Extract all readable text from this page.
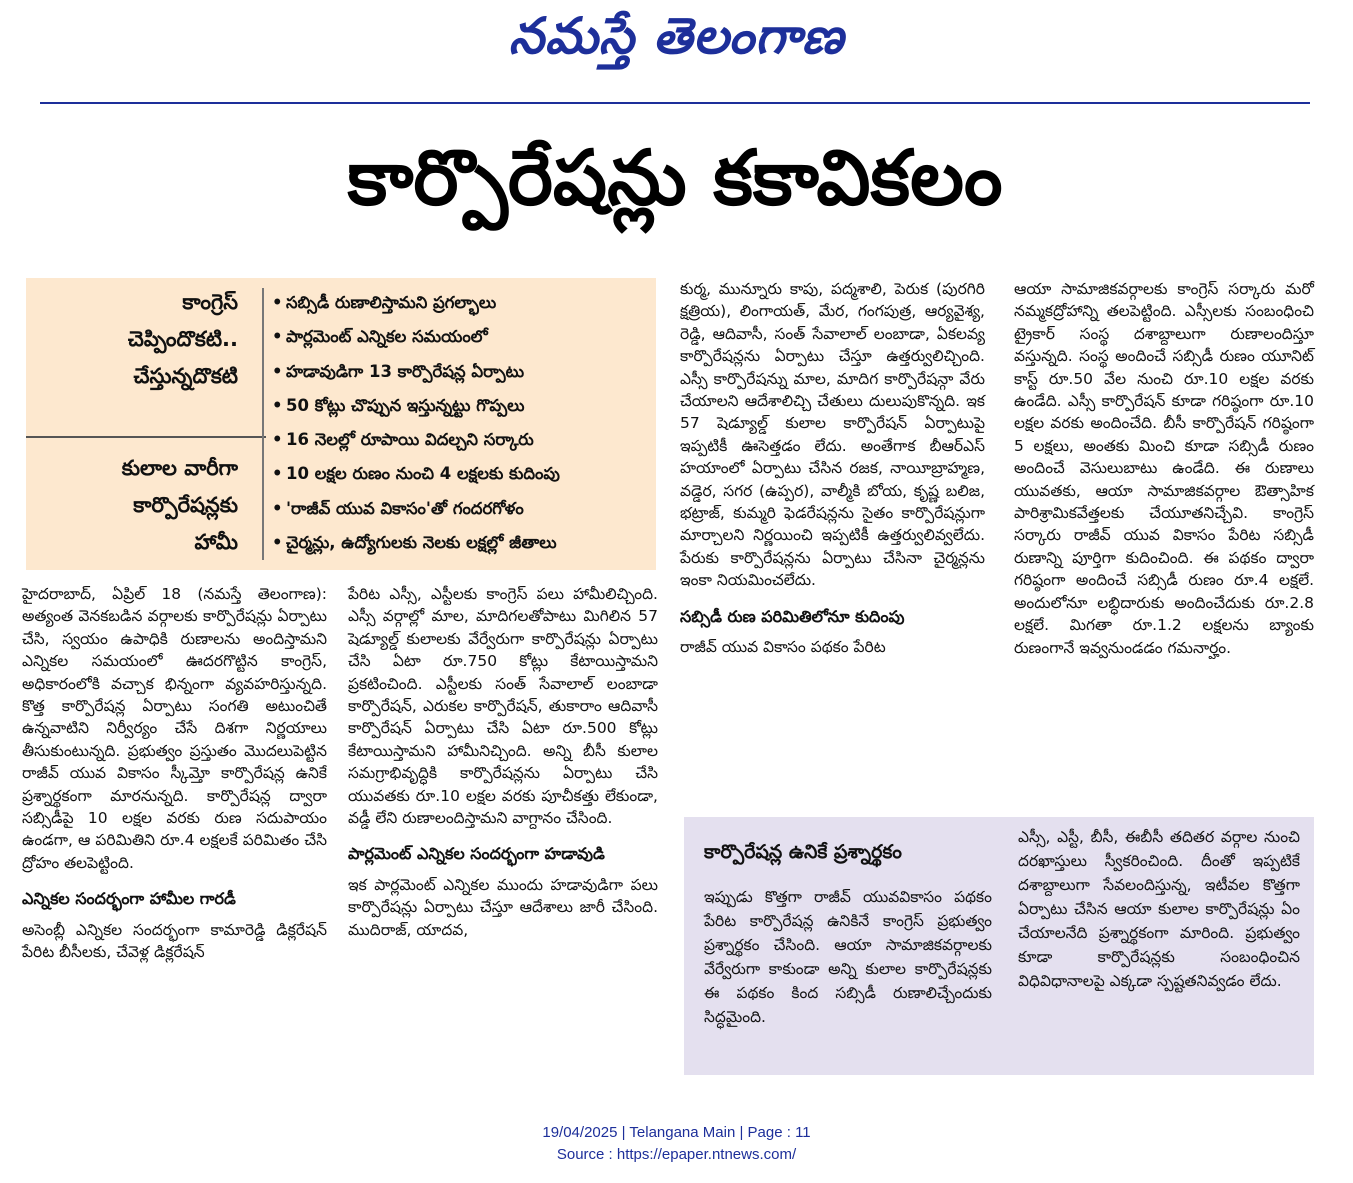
నమస్తే తెలంగాణ
కార్పొరేషన్లు కకావికలం
కాంగ్రెస్
చెప్పిందొకటి..
చేస్తున్నదొకటి
కులాల వారీగా
కార్పొరేషన్లకు
హామీ
• సబ్సిడీ రుణాలిస్తామని ప్రగల్భాలు
• పార్లమెంట్ ఎన్నికల సమయంలో
• హడావుడిగా 13 కార్పొరేషన్ల ఏర్పాటు
• 50 కోట్లు చొప్పున ఇస్తున్నట్టు గొప్పలు
• 16 నెలల్లో రూపాయి విదల్చని సర్కారు
• 10 లక్షల రుణం నుంచి 4 లక్షలకు కుదింపు
• 'రాజీవ్ యువ వికాసం'తో గందరగోళం
• చైర్మన్లు, ఉద్యోగులకు నెలకు లక్షల్లో జీతాలు

హైదరాబాద్, ఏప్రిల్ 18 (నమస్తే తెలంగాణ): అత్యంత వెనకబడిన వర్గాలకు కార్పొరేషన్లు ఏర్పాటు చేసి, స్వయం ఉపాధికి రుణాలను అందిస్తామని ఎన్నికల సమయంలో ఊదరగొట్టిన కాంగ్రెస్, అధికారంలోకి వచ్చాక భిన్నంగా వ్యవహరిస్తున్నది. కొత్త కార్పొరేషన్ల ఏర్పాటు సంగతి అటుంచితే ఉన్నవాటిని నిర్వీర్యం చేసే దిశగా నిర్ణయాలు తీసుకుంటున్నది. ప్రభుత్వం ప్రస్తుతం మొదలుపెట్టిన రాజీవ్ యువ వికాసం స్కీమ్తో కార్పొరేషన్ల ఉనికే ప్రశ్నార్థకంగా మారనున్నది. కార్పొరేషన్ల ద్వారా సబ్సిడీపై 10 లక్షల వరకు రుణ సదుపాయం ఉండగా, ఆ పరిమితిని రూ.4 లక్షలకే పరిమితం చేసి ద్రోహం తలపెట్టింది.

ఎన్నికల సందర్భంగా హామీల గారడీ

అసెంబ్లీ ఎన్నికల సందర్భంగా కామారెడ్డి డిక్లరేషన్ పేరిట బీసీలకు, చేవెళ్ల డిక్లరేషన్

పేరిట ఎస్సీ, ఎస్టీలకు కాంగ్రెస్ పలు హామీలిచ్చింది. ఎస్సీ వర్గాల్లో మాల, మాదిగలతోపాటు మిగిలిన 57 షెడ్యూల్డ్ కులాలకు వేర్వేరుగా కార్పొరేషన్లు ఏర్పాటు చేసి ఏటా రూ.750 కోట్లు కేటాయిస్తామని ప్రకటించింది. ఎస్టీలకు సంత్ సేవాలాల్ లంబాడా కార్పొరేషన్, ఎరుకల కార్పొరేషన్, తుకారాం ఆదివాసీ కార్పొరేషన్ ఏర్పాటు చేసి ఏటా రూ.500 కోట్లు కేటాయిస్తామని హామీనిచ్చింది. అన్ని బీసీ కులాల సమగ్రాభివృద్ధికి కార్పొరేషన్లను ఏర్పాటు చేసి యువతకు రూ.10 లక్షల వరకు పూచీకత్తు లేకుండా, వడ్డీ లేని రుణాలందిస్తామని వాగ్దానం చేసింది.

పార్లమెంట్ ఎన్నికల సందర్భంగా హడావుడి

ఇక పార్లమెంట్ ఎన్నికల ముందు హడావుడిగా పలు కార్పొరేషన్లు ఏర్పాటు చేస్తూ ఆదేశాలు జారీ చేసింది. ముదిరాజ్, యాదవ,

కుర్మ, మున్నూరు కాపు, పద్మశాలి, పెరుక (పురగిరి క్షత్రియ), లింగాయత్, మేర, గంగపుత్ర, ఆర్యవైశ్య, రెడ్డి, ఆదివాసీ, సంత్ సేవాలాల్ లంబాడా, ఏకలవ్య కార్పొరేషన్లను ఏర్పాటు చేస్తూ ఉత్తర్వులిచ్చింది. ఎస్సీ కార్పొరేషన్ను మాల, మాదిగ కార్పొరేషన్గా వేరు చేయాలని ఆదేశాలిచ్చి చేతులు దులుపుకొన్నది. ఇక 57 షెడ్యూల్డ్ కులాల కార్పొరేషన్ ఏర్పాటుపై ఇప్పటికీ ఊసెత్తడం లేదు. అంతేగాక బీఆర్ఎస్ హయాంలో ఏర్పాటు చేసిన రజక, నాయీబ్రాహ్మణ, వడ్డెర, సగర (ఉప్పర), వాల్మీకి బోయ, కృష్ణ బలిజ, భట్రాజ్, కుమ్మరి ఫెడరేషన్లను సైతం కార్పొరేషన్లుగా మార్చాలని నిర్ణయించి ఇప్పటికీ ఉత్తర్వులివ్వలేదు. పేరుకు కార్పొరేషన్లను ఏర్పాటు చేసినా చైర్మన్లను ఇంకా నియమించలేదు.

సబ్సిడీ రుణ పరిమితిలోనూ కుదింపు

రాజీవ్ యువ వికాసం పథకం పేరిట

ఆయా సామాజికవర్గాలకు కాంగ్రెస్ సర్కారు మరో నమ్మకద్రోహాన్ని తలపెట్టింది. ఎస్సీలకు సంబంధించి ట్రైకార్ సంస్థ దశాబ్దాలుగా రుణాలందిస్తూ వస్తున్నది. సంస్థ అందించే సబ్సిడీ రుణం యూనిట్ కాస్ట్ రూ.50 వేల నుంచి రూ.10 లక్షల వరకు ఉండేది. ఎస్సీ కార్పొరేషన్ కూడా గరిష్ఠంగా రూ.10 లక్షల వరకు అందించేది. బీసీ కార్పొరేషన్ గరిష్ఠంగా 5 లక్షలు, అంతకు మించి కూడా సబ్సిడీ రుణం అందించే వెసులుబాటు ఉండేది. ఈ రుణాలు యువతకు, ఆయా సామాజికవర్గాల ఔత్సాహిక పారిశ్రామికవేత్తలకు చేయూతనిచ్చేవి. కాంగ్రెస్ సర్కారు రాజీవ్ యువ వికాసం పేరిట సబ్సిడీ రుణాన్ని పూర్తిగా కుదించింది. ఈ పథకం ద్వారా గరిష్ఠంగా అందించే సబ్సిడీ రుణం రూ.4 లక్షలే. అందులోనూ లబ్ధిదారుకు అందించేదుకు రూ.2.8 లక్షలే. మిగతా రూ.1.2 లక్షలను బ్యాంకు రుణంగానే ఇవ్వనుండడం గమనార్హం.

కార్పొరేషన్ల ఉనికే ప్రశ్నార్థకం
ఇప్పుడు కొత్తగా రాజీవ్ యువవికాసం పథకం పేరిట కార్పొరేషన్ల ఉనికినే కాంగ్రెస్ ప్రభుత్వం ప్రశ్నార్థకం చేసింది. ఆయా సామాజికవర్గాలకు వేర్వేరుగా కాకుండా అన్ని కులాల కార్పొరేషన్లకు ఈ పథకం కింద సబ్సిడీ రుణాలిచ్చేందుకు సిద్ధమైంది.
ఎస్సీ, ఎస్టీ, బీసీ, ఈబీసీ తదితర వర్గాల నుంచి దరఖాస్తులు స్వీకరించింది. దీంతో ఇప్పటికే దశాబ్దాలుగా సేవలందిస్తున్న, ఇటీవల కొత్తగా ఏర్పాటు చేసిన ఆయా కులాల కార్పొరేషన్లు ఏం చేయాలనేది ప్రశ్నార్థకంగా మారింది. ప్రభుత్వం కూడా కార్పొరేషన్లకు సంబంధించిన విధివిధానాలపై ఎక్కడా స్పష్టతనివ్వడం లేదు.
19/04/2025 | Telangana Main | Page : 11
Source : https://epaper.ntnews.com/
